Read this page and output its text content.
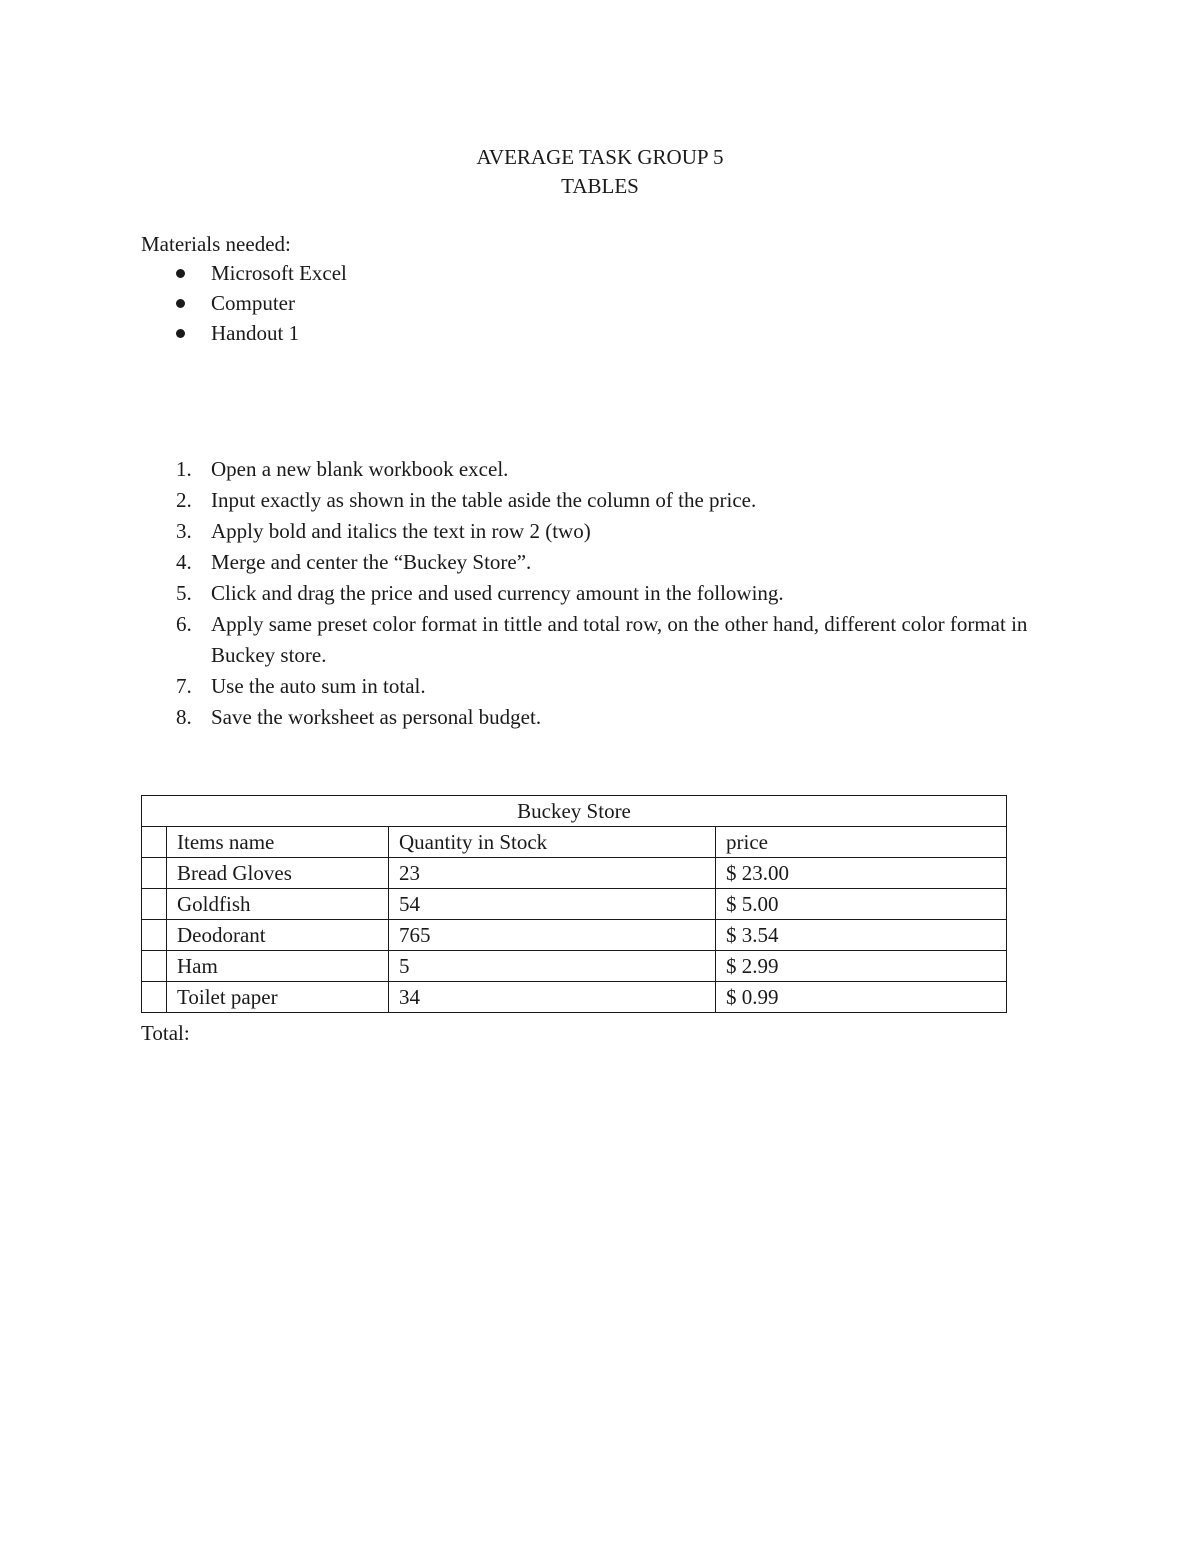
AVERAGE TASK GROUP 5
TABLES
Materials needed:
Microsoft Excel
Computer
Handout 1
1. Open a new blank workbook excel.
2. Input exactly as shown in the table aside the column of the price.
3. Apply bold and italics the text in row 2 (two)
4. Merge and center the “Buckey Store”.
5. Click and drag the price and used currency amount in the following.
6. Apply same preset color format in tittle and total row, on the other hand, different color format in Buckey store.
7. Use the auto sum in total.
8. Save the worksheet as personal budget.
Buckey Store			
	Items name	Quantity in Stock	price
	Bread Gloves	23	$ 23.00
	Goldfish	54	$ 5.00
	Deodorant	765	$ 3.54
	Ham	5	$ 2.99
	Toilet paper	34	$ 0.99
Total:
